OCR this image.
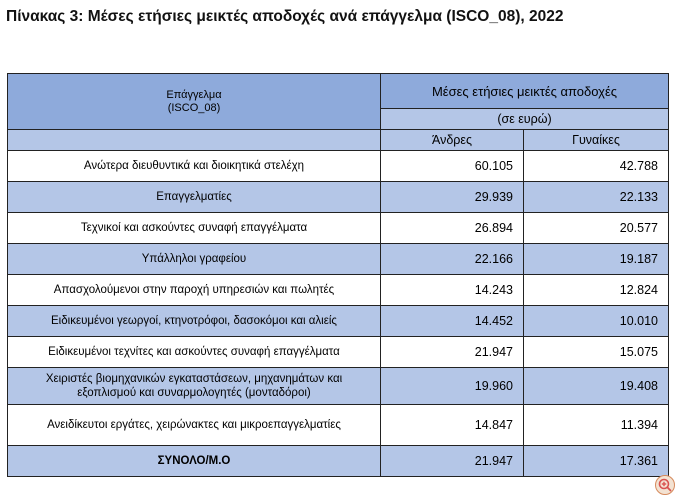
Πίνακας 3: Μέσες ετήσιες μεικτές αποδοχές ανά επάγγελμα (ISCO_08), 2022
Επάγγελμα
(ISCO_08)	Μέσες ετήσιες μεικτές αποδοχές	
	(σε ευρώ)	
	Άνδρες	Γυναίκες
Ανώτερα διευθυντικά και διοικητικά στελέχη	60.105	42.788
Επαγγελματίες	29.939	22.133
Τεχνικοί και ασκούντες συναφή επαγγέλματα	26.894	20.577
Υπάλληλοι γραφείου	22.166	19.187
Απασχολούμενοι στην παροχή υπηρεσιών και πωλητές	14.243	12.824
Ειδικευμένοι γεωργοί, κτηνοτρόφοι, δασοκόμοι και αλιείς	14.452	10.010
Ειδικευμένοι τεχνίτες και ασκούντες συναφή επαγγέλματα	21.947	15.075

Χειριστές βιομηχανικών εγκαταστάσεων, μηχανημάτων και
εξοπλισμού και συναρμολογητές (μονταδόροι)	19.960	19.408
Ανειδίκευτοι εργάτες, χειρώνακτες και μικροεπαγγελματίες	14.847	11.394
ΣΥΝΟΛΟ/Μ.Ο	21.947	17.361
